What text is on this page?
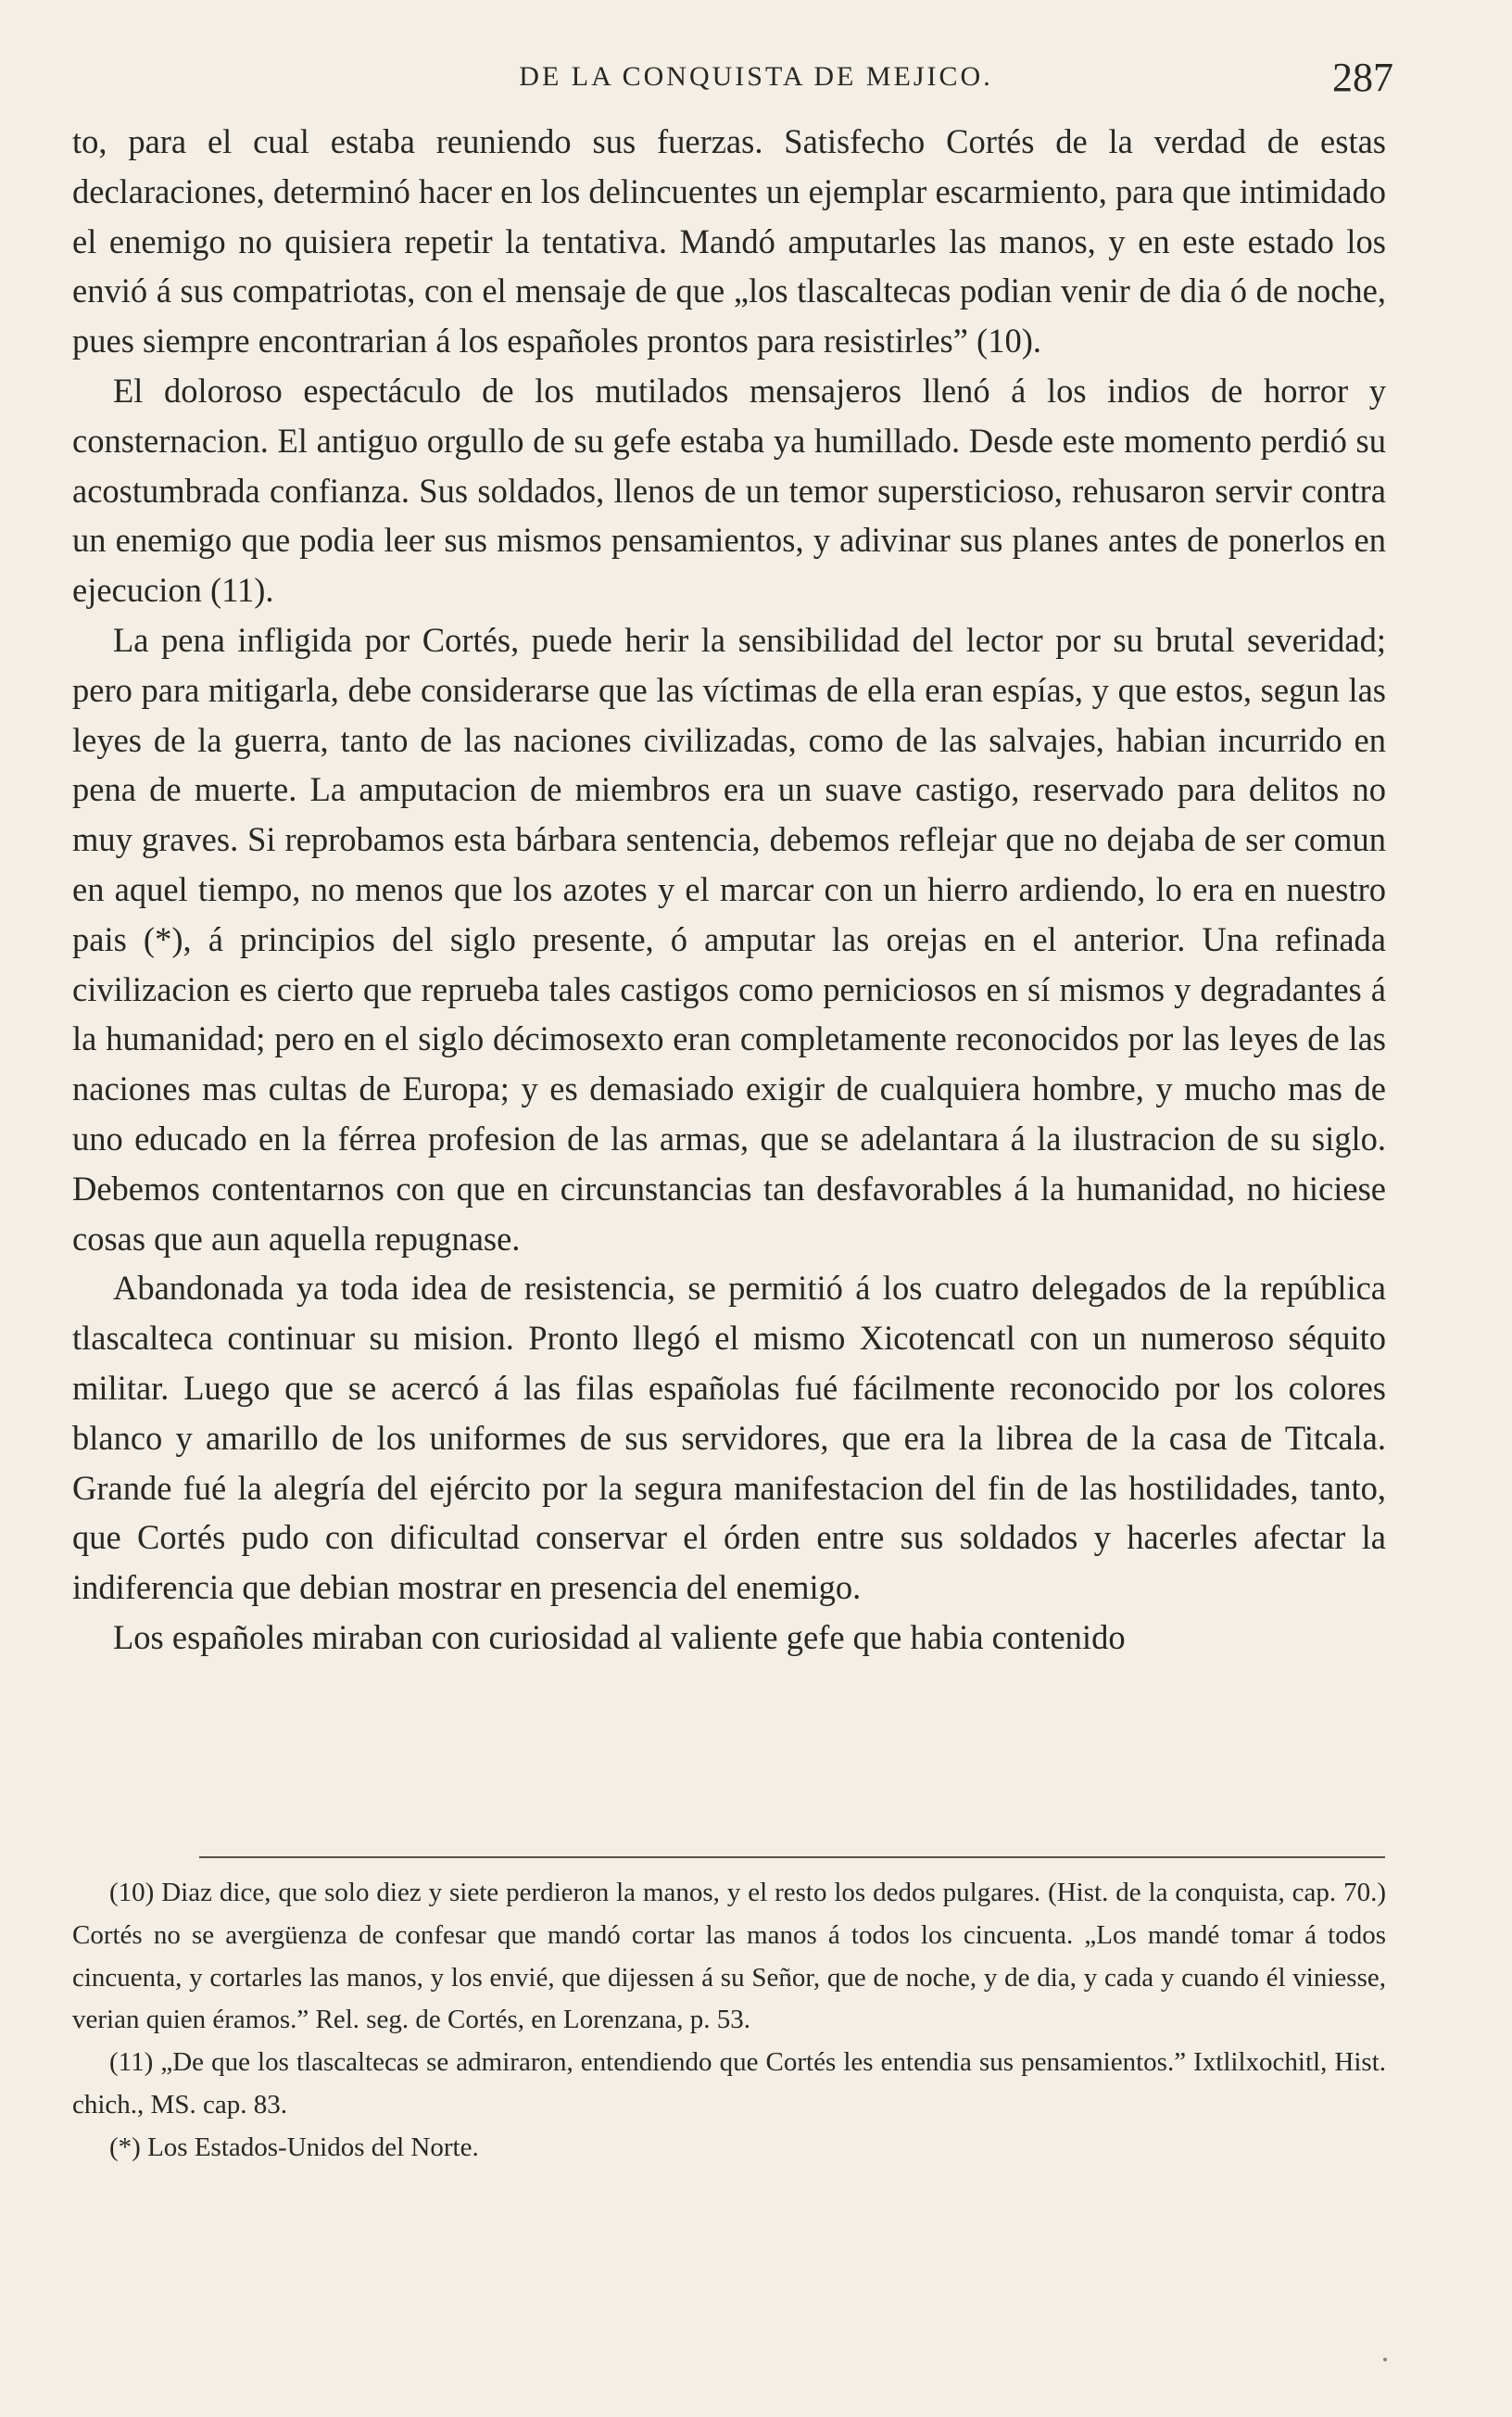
DE LA CONQUISTA DE MEJICO.	287

to, para el cual estaba reuniendo sus fuerzas. Satisfecho Cortés de la verdad de estas declaraciones, determinó hacer en los delincuentes un ejemplar escarmiento, para que intimidado el enemigo no quisiera repetir la tentativa. Mandó amputarles las manos, y en este estado los envió á sus compatriotas, con el mensaje de que „los tlascaltecas podian venir de dia ó de noche, pues siempre encontrarian á los españoles prontos para resistirles” (10).

El doloroso espectáculo de los mutilados mensajeros llenó á los indios de horror y consternacion. El antiguo orgullo de su gefe estaba ya humillado. Desde este momento perdió su acostumbrada confianza. Sus soldados, llenos de un temor supersticioso, rehusaron servir contra un enemigo que podia leer sus mismos pensamientos, y adivinar sus planes antes de ponerlos en ejecucion (11).

La pena infligida por Cortés, puede herir la sensibilidad del lector por su brutal severidad; pero para mitigarla, debe considerarse que las víctimas de ella eran espías, y que estos, segun las leyes de la guerra, tanto de las naciones civilizadas, como de las salvajes, habian incurrido en pena de muerte. La amputacion de miembros era un suave castigo, reservado para delitos no muy graves. Si reprobamos esta bárbara sentencia, debemos reflejar que no dejaba de ser comun en aquel tiempo, no menos que los azotes y el marcar con un hierro ardiendo, lo era en nuestro pais (*), á principios del siglo presente, ó amputar las orejas en el anterior. Una refinada civilizacion es cierto que reprueba tales castigos como perniciosos en sí mismos y degradantes á la humanidad; pero en el siglo décimosexto eran completamente reconocidos por las leyes de las naciones mas cultas de Europa; y es demasiado exigir de cualquiera hombre, y mucho mas de uno educado en la férrea profesion de las armas, que se adelantara á la ilustracion de su siglo. Debemos contentarnos con que en circunstancias tan desfavorables á la humanidad, no hiciese cosas que aun aquella repugnase.

Abandonada ya toda idea de resistencia, se permitió á los cuatro delegados de la república tlascalteca continuar su mision. Pronto llegó el mismo Xicotencatl con un numeroso séquito militar. Luego que se acercó á las filas españolas fué fácilmente reconocido por los colores blanco y amarillo de los uniformes de sus servidores, que era la librea de la casa de Titcala. Grande fué la alegría del ejército por la segura manifestacion del fin de las hostilidades, tanto, que Cortés pudo con dificultad conservar el órden entre sus soldados y hacerles afectar la indiferencia que debian mostrar en presencia del enemigo.

Los españoles miraban con curiosidad al valiente gefe que habia contenido

(10) Diaz dice, que solo diez y siete perdieron la manos, y el resto los dedos pulgares. (Hist. de la conquista, cap. 70.) Cortés no se avergüenza de confesar que mandó cortar las manos á todos los cincuenta. „Los mandé tomar á todos cincuenta, y cortarles las manos, y los envié, que dijessen á su Señor, que de noche, y de dia, y cada y cuando él viniesse, verian quien éramos.” Rel. seg. de Cortés, en Lorenzana, p. 53.

(11) „De que los tlascaltecas se admiraron, entendiendo que Cortés les entendia sus pensamientos.” Ixtlilxochitl, Hist. chich., MS. cap. 83.

(*) Los Estados-Unidos del Norte.
